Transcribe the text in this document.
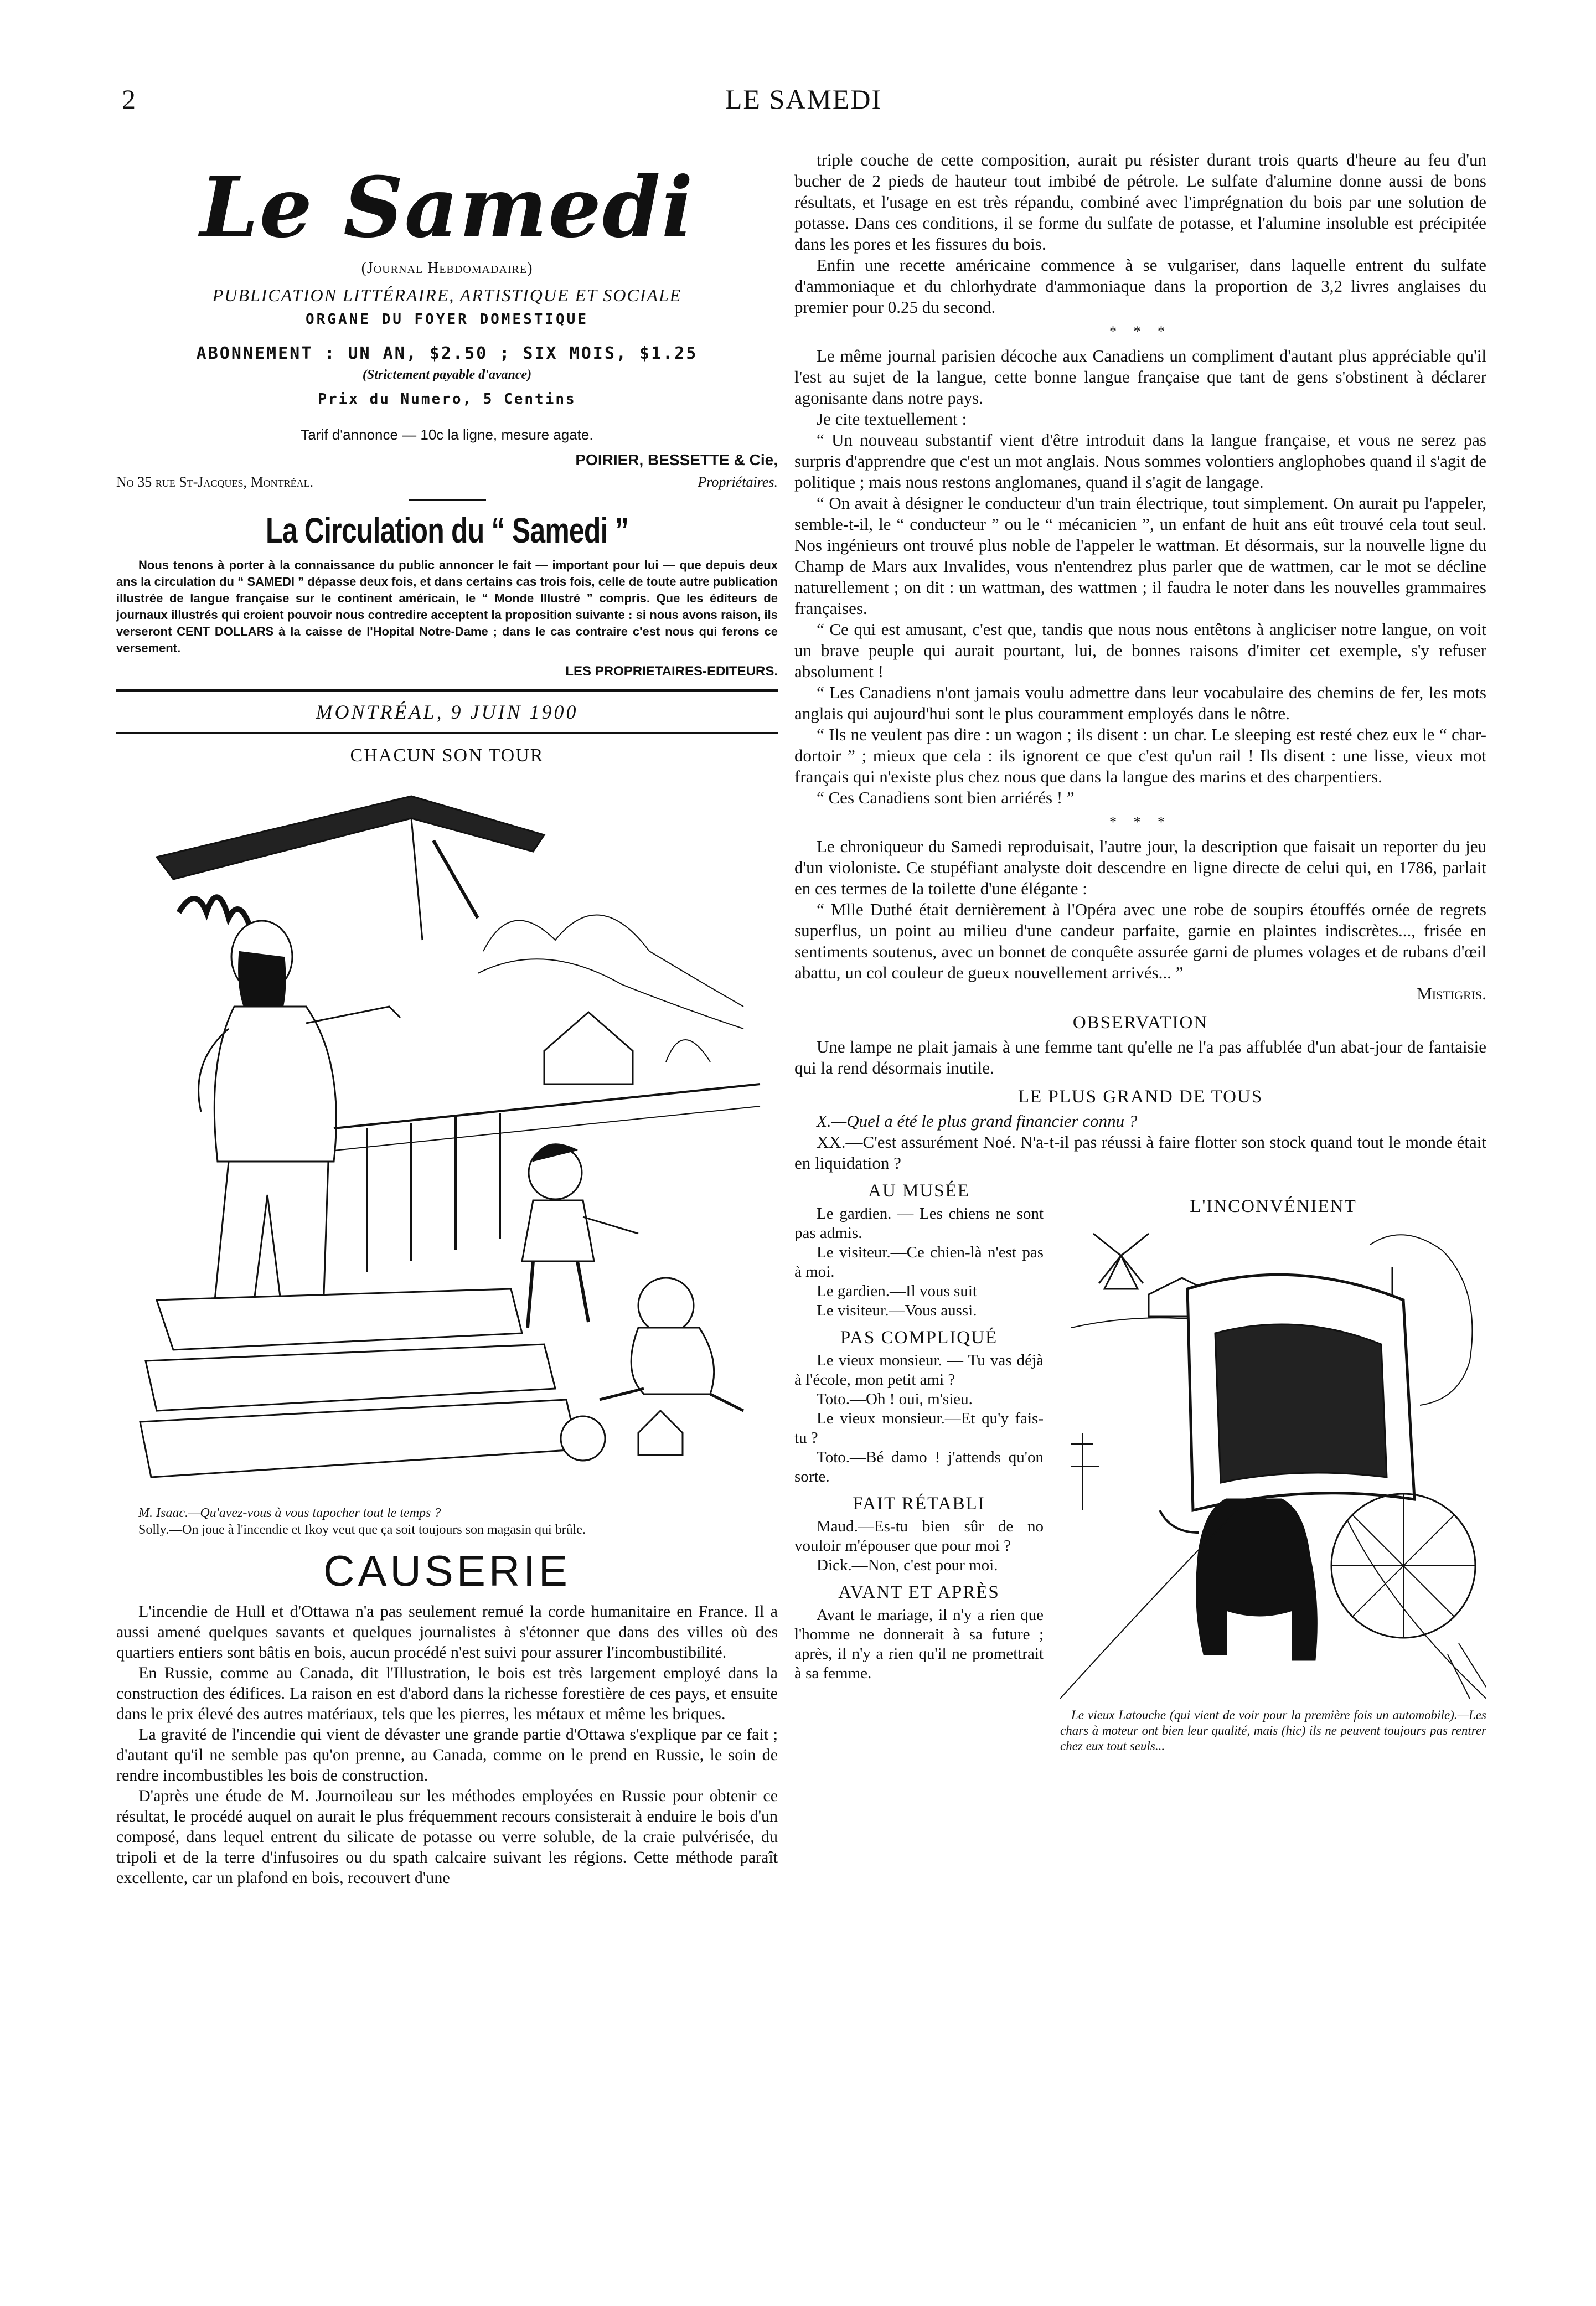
2	LE SAMEDI
Le Samedi
(Journal Hebdomadaire)
PUBLICATION LITTÉRAIRE, ARTISTIQUE ET SOCIALE
ORGANE DU FOYER DOMESTIQUE
ABONNEMENT : UN AN, $2.50 ; SIX MOIS, $1.25
(Strictement payable d'avance)
Prix du Numero, 5 Centins
Tarif d'annonce — 10c la ligne, mesure agate.
POIRIER, BESSETTE & Cie,
No 35 rue St-Jacques, Montréal.	Propriétaires.
La Circulation du “ Samedi ”
Nous tenons à porter à la connaissance du public annoncer le fait — important pour lui — que depuis deux ans la circulation du “ SAMEDI ” dépasse deux fois, et dans certains cas trois fois, celle de toute autre publication illustrée de langue française sur le continent américain, le “ Monde Illustré ” compris. Que les éditeurs de journaux illustrés qui croient pouvoir nous contredire acceptent la proposition suivante : si nous avons raison, ils verseront CENT DOLLARS à la caisse de l'Hopital Notre-Dame ; dans le cas contraire c'est nous qui ferons ce versement.
LES PROPRIETAIRES-EDITEURS.
MONTRÉAL, 9 JUIN 1900
CHACUN SON TOUR

M. Isaac.—Qu'avez-vous à vous tapocher tout le temps ?

Solly.—On joue à l'incendie et Ikoy veut que ça soit toujours son magasin qui brûle.

CAUSERIE

L'incendie de Hull et d'Ottawa n'a pas seulement remué la corde humanitaire en France. Il a aussi amené quelques savants et quelques journalistes à s'étonner que dans des villes où des quartiers entiers sont bâtis en bois, aucun procédé n'est suivi pour assurer l'incombustibilité.

En Russie, comme au Canada, dit l'Illustration, le bois est très largement employé dans la construction des édifices. La raison en est d'abord dans la richesse forestière de ces pays, et ensuite dans le prix élevé des autres matériaux, tels que les pierres, les métaux et même les briques.

La gravité de l'incendie qui vient de dévaster une grande partie d'Ottawa s'explique par ce fait ; d'autant qu'il ne semble pas qu'on prenne, au Canada, comme on le prend en Russie, le soin de rendre incombustibles les bois de construction.

D'après une étude de M. Journoileau sur les méthodes employées en Russie pour obtenir ce résultat, le procédé auquel on aurait le plus fréquemment recours consisterait à enduire le bois d'un composé, dans lequel entrent du silicate de potasse ou verre soluble, de la craie pulvérisée, du tripoli et de la terre d'infusoires ou du spath calcaire suivant les régions. Cette méthode paraît excellente, car un plafond en bois, recouvert d'une

triple couche de cette composition, aurait pu résister durant trois quarts d'heure au feu d'un bucher de 2 pieds de hauteur tout imbibé de pétrole. Le sulfate d'alumine donne aussi de bons résultats, et l'usage en est très répandu, combiné avec l'imprégnation du bois par une solution de potasse. Dans ces conditions, il se forme du sulfate de potasse, et l'alumine insoluble est précipitée dans les pores et les fissures du bois.

Enfin une recette américaine commence à se vulgariser, dans laquelle entrent du sulfate d'ammoniaque et du chlorhydrate d'ammoniaque dans la proportion de 3,2 livres anglaises du premier pour 0.25 du second.

* * *

Le même journal parisien décoche aux Canadiens un compliment d'autant plus appréciable qu'il l'est au sujet de la langue, cette bonne langue française que tant de gens s'obstinent à déclarer agonisante dans notre pays.

Je cite textuellement :

“ Un nouveau substantif vient d'être introduit dans la langue française, et vous ne serez pas surpris d'apprendre que c'est un mot anglais. Nous sommes volontiers anglophobes quand il s'agit de politique ; mais nous restons anglomanes, quand il s'agit de langage.

“ On avait à désigner le conducteur d'un train électrique, tout simplement. On aurait pu l'appeler, semble-t-il, le “ conducteur ” ou le “ mécanicien ”, un enfant de huit ans eût trouvé cela tout seul. Nos ingénieurs ont trouvé plus noble de l'appeler le wattman. Et désormais, sur la nouvelle ligne du Champ de Mars aux Invalides, vous n'entendrez plus parler que de wattmen, car le mot se décline naturellement ; on dit : un wattman, des wattmen ; il faudra le noter dans les nouvelles grammaires françaises.

“ Ce qui est amusant, c'est que, tandis que nous nous entêtons à angliciser notre langue, on voit un brave peuple qui aurait pourtant, lui, de bonnes raisons d'imiter cet exemple, s'y refuser absolument !

“ Les Canadiens n'ont jamais voulu admettre dans leur vocabulaire des chemins de fer, les mots anglais qui aujourd'hui sont le plus couramment employés dans le nôtre.

“ Ils ne veulent pas dire : un wagon ; ils disent : un char. Le sleeping est resté chez eux le “ char-dortoir ” ; mieux que cela : ils ignorent ce que c'est qu'un rail ! Ils disent : une lisse, vieux mot français qui n'existe plus chez nous que dans la langue des marins et des charpentiers.

“ Ces Canadiens sont bien arriérés ! ”

* * *

Le chroniqueur du Samedi reproduisait, l'autre jour, la description que faisait un reporter du jeu d'un violoniste. Ce stupéfiant analyste doit descendre en ligne directe de celui qui, en 1786, parlait en ces termes de la toilette d'une élégante :

“ Mlle Duthé était dernièrement à l'Opéra avec une robe de soupirs étouffés ornée de regrets superflus, un point au milieu d'une candeur parfaite, garnie en plaintes indiscrètes..., frisée en sentiments soutenus, avec un bonnet de conquête assurée garni de plumes volages et de rubans d'œil abattu, un col couleur de gueux nouvellement arrivés... ”

Mistigris.
OBSERVATION

Une lampe ne plait jamais à une femme tant qu'elle ne l'a pas affublée d'un abat-jour de fantaisie qui la rend désormais inutile.

LE PLUS GRAND DE TOUS

X.—Quel a été le plus grand financier connu ?

XX.—C'est assurément Noé. N'a-t-il pas réussi à faire flotter son stock quand tout le monde était en liquidation ?

AU MUSÉE

Le gardien. — Les chiens ne sont pas admis.

Le visiteur.—Ce chien-là n'est pas à moi.

Le gardien.—Il vous suit

Le visiteur.—Vous aussi.

PAS COMPLIQUÉ

Le vieux monsieur. — Tu vas déjà à l'école, mon petit ami ?

Toto.—Oh ! oui, m'sieu.

Le vieux monsieur.—Et qu'y fais-tu ?

Toto.—Bé damo ! j'attends qu'on sorte.

FAIT RÉTABLI

Maud.—Es-tu bien sûr de no vouloir m'épouser que pour moi ?

Dick.—Non, c'est pour moi.

AVANT ET APRÈS

Avant le mariage, il n'y a rien que l'homme ne donnerait à sa future ; après, il n'y a rien qu'il ne promettrait à sa femme.

L'INCONVÉNIENT
Le vieux Latouche (qui vient de voir pour la première fois un automobile).—Les chars à moteur ont bien leur qualité, mais (hic) ils ne peuvent toujours pas rentrer chez eux tout seuls...
